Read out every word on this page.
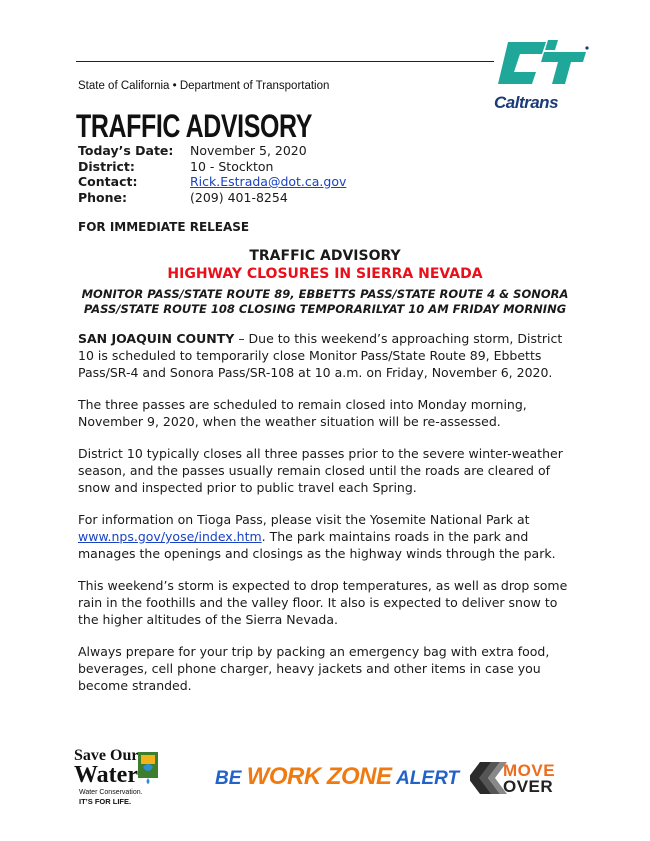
State of California • Department of Transportation
Caltrans
TRAFFIC ADVISORY
Today’s Date:	November 5, 2020
District:	10 - Stockton
Contact:	Rick.Estrada@dot.ca.gov
Phone:	(209) 401-8254
FOR IMMEDIATE RELEASE
TRAFFIC ADVISORY
HIGHWAY CLOSURES IN SIERRA NEVADA
MONITOR PASS/STATE ROUTE 89, EBBETTS PASS/STATE ROUTE 4 & SONORA
PASS/STATE ROUTE 108 CLOSING TEMPORARILYAT 10 AM FRIDAY MORNING
SAN JOAQUIN COUNTY – Due to this weekend’s approaching storm, District 10 is scheduled to temporarily close Monitor Pass/State Route 89, Ebbetts Pass/SR-4 and Sonora Pass/SR-108 at 10 a.m. on Friday, November 6, 2020.
The three passes are scheduled to remain closed into Monday morning, November 9, 2020, when the weather situation will be re-assessed.
District 10 typically closes all three passes prior to the severe winter-weather season, and the passes usually remain closed until the roads are cleared of snow and inspected prior to public travel each Spring.
For information on Tioga Pass, please visit the Yosemite National Park at www.nps.gov/yose/index.htm. The park maintains roads in the park and manages the openings and closings as the highway winds through the park.
This weekend’s storm is expected to drop temperatures, as well as drop some rain in the foothills and the valley floor. It also is expected to deliver snow to the higher altitudes of the Sierra Nevada.
Always prepare for your trip by packing an emergency bag with extra food, beverages, cell phone charger, heavy jackets and other items in case you become stranded.
Save Our
Water
Water Conservation.
IT’S FOR LIFE.
BE WORK ZONE ALERT	MOVE
OVER
